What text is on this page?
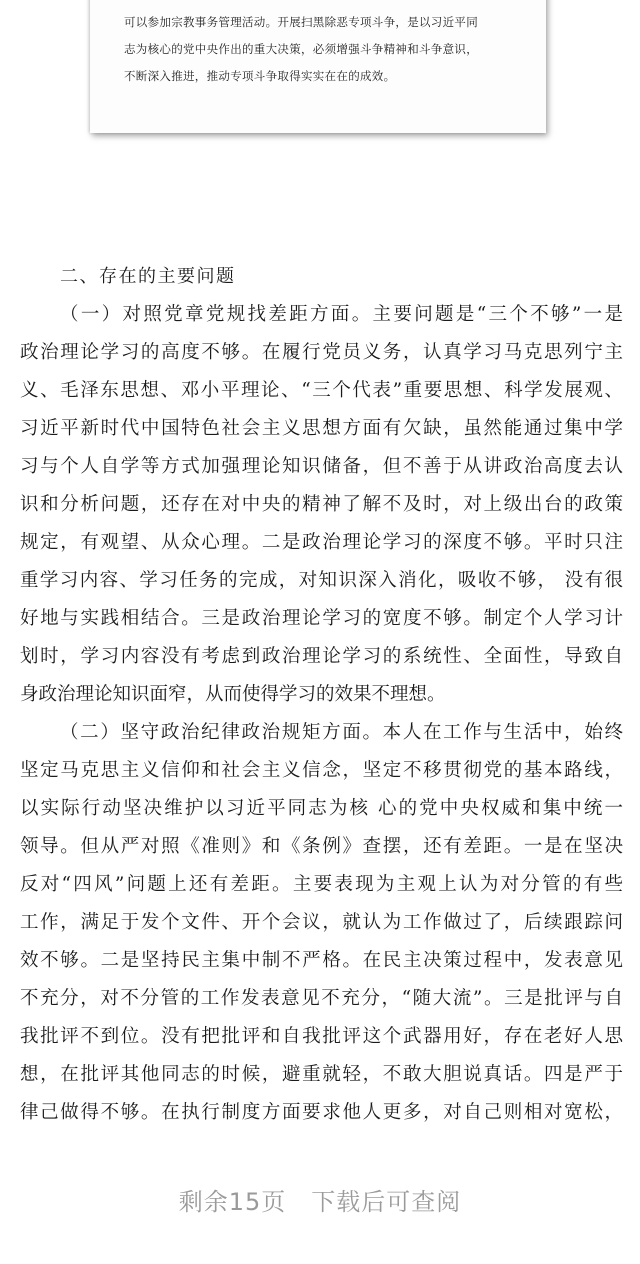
可以参加宗教事务管理活动。开展扫黑除恶专项斗争，是以习近平同
志为核心的党中央作出的重大决策，必须增强斗争精神和斗争意识，
不断深入推进，推动专项斗争取得实实在在的成效。
二、存在的主要问题
（一）对照党章党规找差距方面。主要问题是“三个不够”一是
政治理论学习的高度不够。在履行党员义务，认真学习马克思列宁主
义、毛泽东思想、邓小平理论、“三个代表”重要思想、科学发展观、
习近平新时代中国特色社会主义思想方面有欠缺，虽然能通过集中学
习与个人自学等方式加强理论知识储备，但不善于从讲政治高度去认
识和分析问题，还存在对中央的精神了解不及时，对上级出台的政策
规定，有观望、从众心理。二是政治理论学习的深度不够。平时只注
重学习内容、学习任务的完成，对知识深入消化，吸收不够， 没有很
好地与实践相结合。三是政治理论学习的宽度不够。制定个人学习计
划时，学习内容没有考虑到政治理论学习的系统性、全面性，导致自
身政治理论知识面窄，从而使得学习的效果不理想。
（二）坚守政治纪律政治规矩方面。本人在工作与生活中，始终
坚定马克思主义信仰和社会主义信念，坚定不移贯彻党的基本路线，
以实际行动坚决维护以习近平同志为核 心的党中央权威和集中统一
领导。但从严对照《准则》和《条例》查摆，还有差距。一是在坚决
反对“四风”问题上还有差距。主要表现为主观上认为对分管的有些
工作，满足于发个文件、开个会议，就认为工作做过了，后续跟踪问
效不够。二是坚持民主集中制不严格。在民主决策过程中，发表意见
不充分，对不分管的工作发表意见不充分，“随大流”。三是批评与自
我批评不到位。没有把批评和自我批评这个武器用好，存在老好人思
想，在批评其他同志的时候，避重就轻，不敢大胆说真话。四是严于
律己做得不够。在执行制度方面要求他人更多，对自己则相对宽松，
剩余15页　下载后可查阅
